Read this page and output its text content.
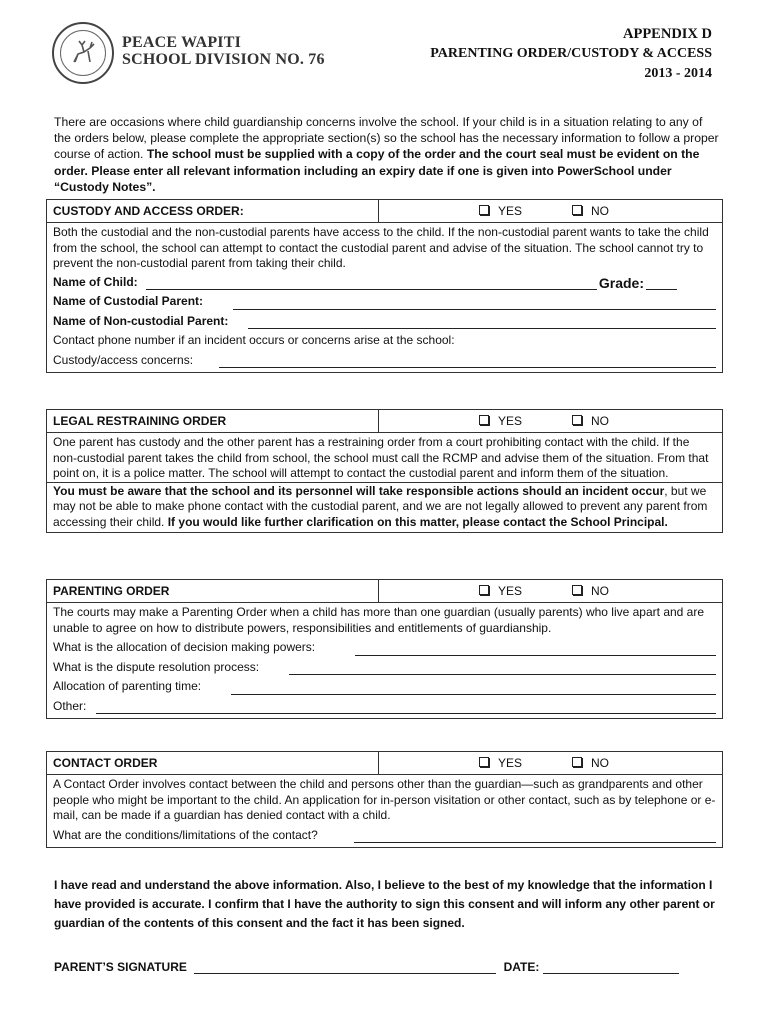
PEACE WAPITI
SCHOOL DIVISION NO. 76
APPENDIX D
PARENTING ORDER/CUSTODY & ACCESS
2013 - 2014
There are occasions where child guardianship concerns involve the school. If your child is in a situation relating to any of the orders below, please complete the appropriate section(s) so the school has the necessary information to follow a proper course of action. The school must be supplied with a copy of the order and the court seal must be evident on the order. Please enter all relevant information including an expiry date if one is given into PowerSchool under “Custody Notes”.
CUSTODY AND ACCESS ORDER:	YES	NO
Both the custodial and the non-custodial parents have access to the child. If the non-custodial parent wants to take the child from the school, the school can attempt to contact the custodial parent and advise of the situation. The school cannot try to prevent the non-custodial parent from taking their child.
Name of Child:	Grade:
Name of Custodial Parent:
Name of Non-custodial Parent:
Contact phone number if an incident occurs or concerns arise at the school:
Custody/access concerns:
LEGAL RESTRAINING ORDER	YES	NO
One parent has custody and the other parent has a restraining order from a court prohibiting contact with the child. If the non-custodial parent takes the child from school, the school must call the RCMP and advise them of the situation. From that point on, it is a police matter. The school will attempt to contact the custodial parent and inform them of the situation.
You must be aware that the school and its personnel will take responsible actions should an incident occur, but we may not be able to make phone contact with the custodial parent, and we are not legally allowed to prevent any parent from accessing their child. If you would like further clarification on this matter, please contact the School Principal.
PARENTING ORDER	YES	NO
The courts may make a Parenting Order when a child has more than one guardian (usually parents) who live apart and are unable to agree on how to distribute powers, responsibilities and entitlements of guardianship.
What is the allocation of decision making powers:
What is the dispute resolution process:
Allocation of parenting time:
Other:
CONTACT ORDER	YES	NO
A Contact Order involves contact between the child and persons other than the guardian—such as grandparents and other people who might be important to the child. An application for in-person visitation or other contact, such as by telephone or e-mail, can be made if a guardian has denied contact with a child.
What are the conditions/limitations of the contact?
I have read and understand the above information. Also, I believe to the best of my knowledge that the information I have provided is accurate. I confirm that I have the authority to sign this consent and will inform any other parent or guardian of the contents of this consent and the fact it has been signed.
PARENT’S SIGNATURE	DATE:
